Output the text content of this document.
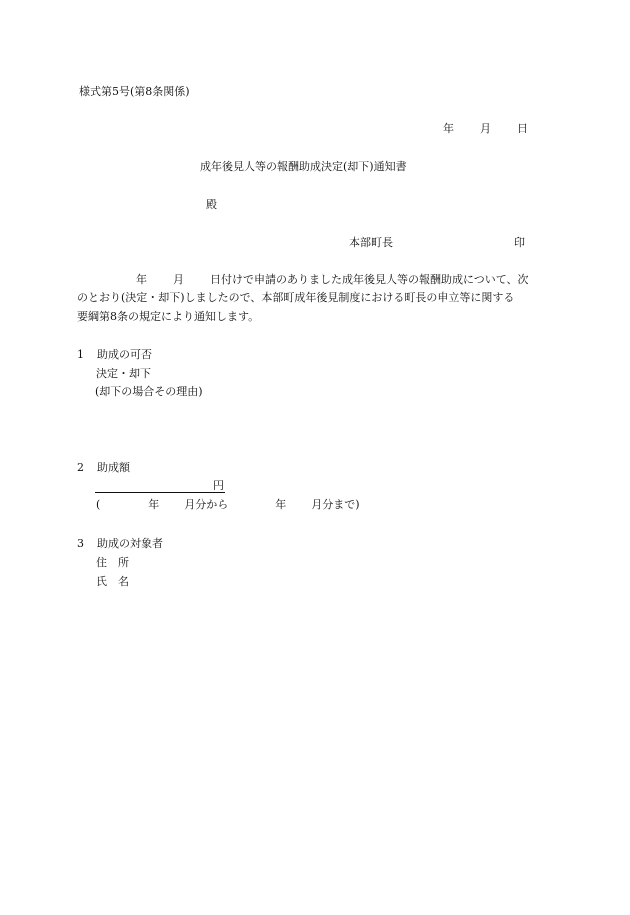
様式第5号(第8条関係)
年 月 日
成年後見人等の報酬助成決定(却下)通知書
殿
本部町長	印
年 月 日付けで申請のありました成年後見人等の報酬助成について、次
のとおり(決定・却下)しましたので、本部町成年後見制度における町長の申立等に関する
要綱第8条の規定により通知します。
1 助成の可否
決定・却下
(却下の場合その理由)
2 助成額
円
(	年 月分から	年 月分まで)
3 助成の対象者
住　所
氏　名
